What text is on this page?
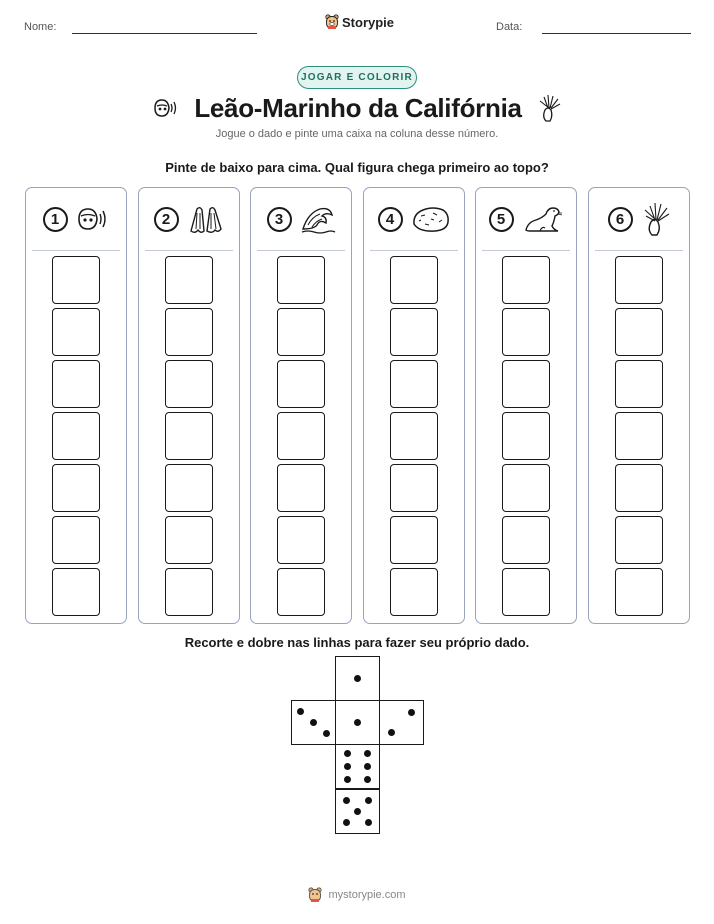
Nome:	Storypie	Data:
JOGAR E COLORIR
Leão-Marinho da Califórnia
Jogue o dado e pinte uma caixa na coluna desse número.
Pinte de baixo para cima. Qual figura chega primeiro ao topo?
1	2	3	4	5	6
Recorte e dobre nas linhas para fazer seu próprio dado.
mystorypie.com
